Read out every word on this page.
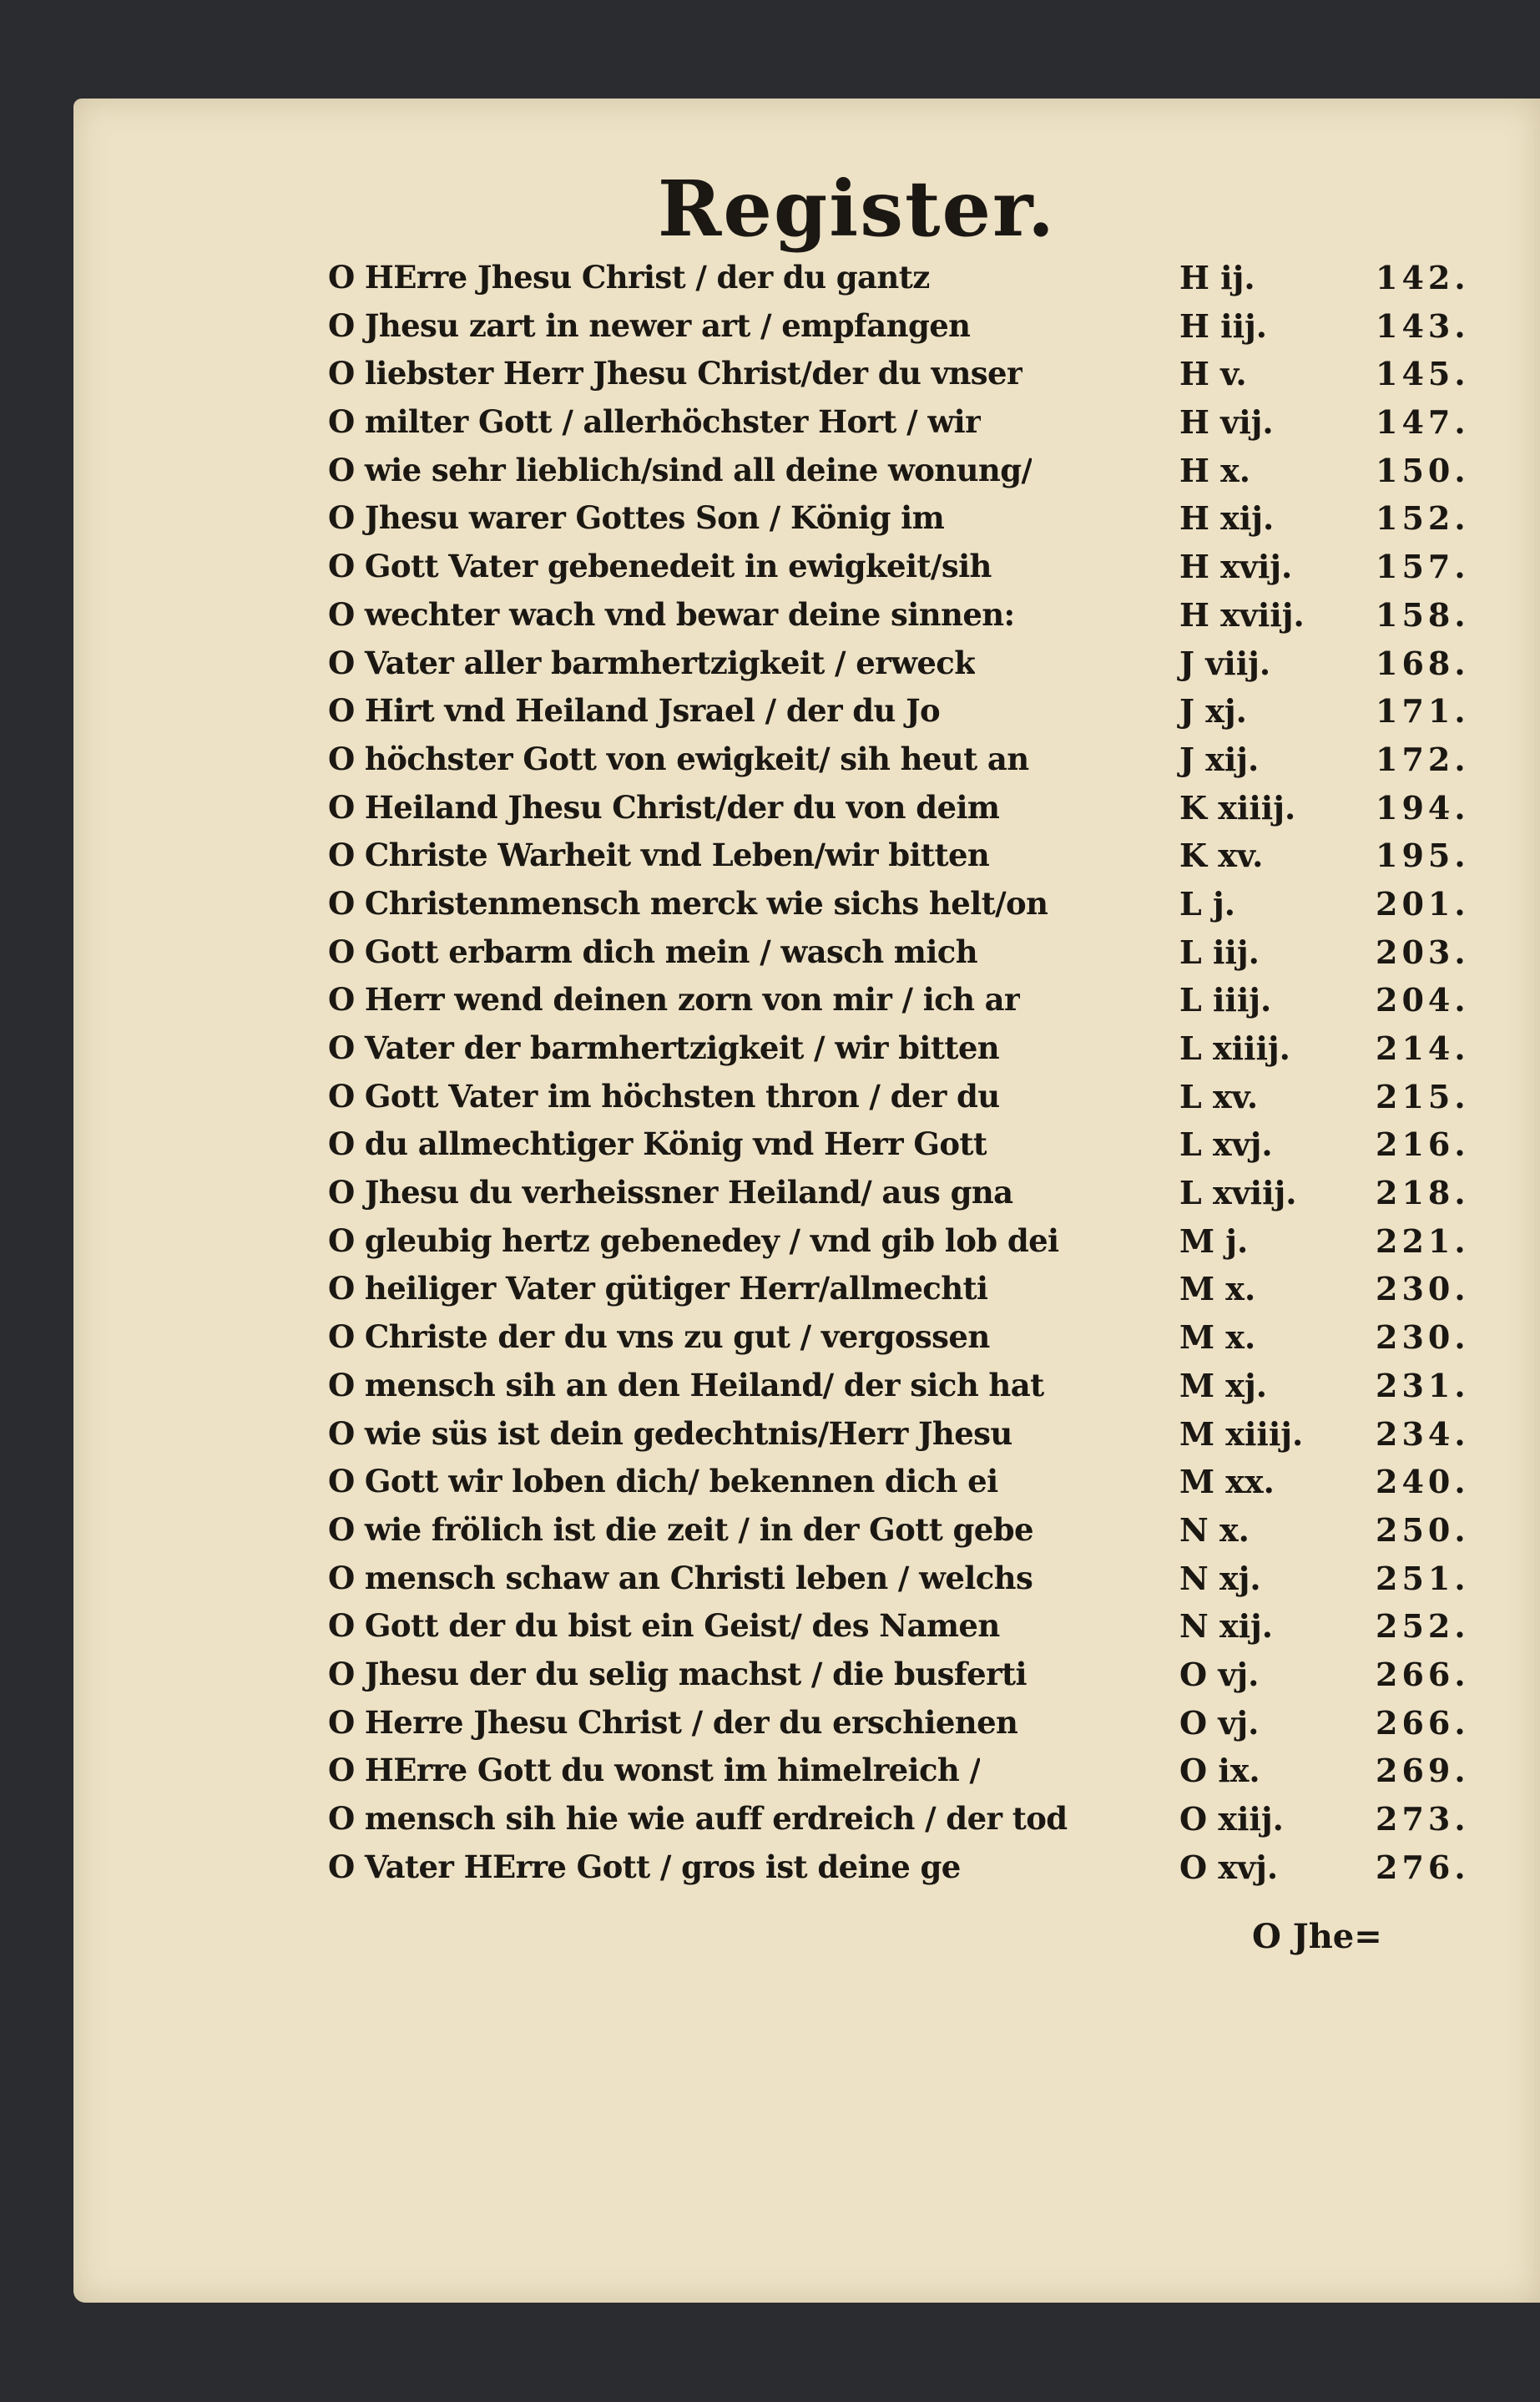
Register.
O HErre Jhesu Christ / der du gantz	H ij.	142.
O Jhesu zart in newer art / empfangen	H iij.	143.
O liebster Herr Jhesu Christ/der du vnser	H v.	145.
O milter Gott / allerhöchster Hort / wir	H vij.	147.
O wie sehr lieblich/sind all deine wonung/	H x.	150.
O Jhesu warer Gottes Son / König im	H xij.	152.
O Gott Vater gebenedeit in ewigkeit/sih	H xvij.	157.
O wechter wach vnd bewar deine sinnen:	H xviij. 158.
O Vater aller barmhertzigkeit / erweck	J viij.	168.
O Hirt vnd Heiland Jsrael / der du Jo	J xj.	171.
O höchster Gott von ewigkeit/ sih heut an	J xij.	172.
O Heiland Jhesu Christ/der du von deim	K xiiij.	194.
O Christe Warheit vnd Leben/wir bitten	K xv.	195.
O Christenmensch merck wie sichs helt/on	L j.	201.
O Gott erbarm dich mein / wasch mich	L iij.	203.
O Herr wend deinen zorn von mir / ich ar	L iiij.	204.
O Vater der barmhertzigkeit / wir bitten	L xiiij.	214.
O Gott Vater im höchsten thron / der du	L xv.	215.
O du allmechtiger König vnd Herr Gott	L xvj.	216.
O Jhesu du verheissner Heiland/ aus gna	L xviij. 218.
O gleubig hertz gebenedey / vnd gib lob dei	M j.	221.
O heiliger Vater gütiger Herr/allmechti	M x.	230.
O Christe der du vns zu gut / vergossen	M x.	230.
O mensch sih an den Heiland/ der sich hat	M xj.	231.
O wie süs ist dein gedechtnis/Herr Jhesu	M xiiij. 234.
O Gott wir loben dich/ bekennen dich ei	M xx.	240.
O wie frölich ist die zeit / in der Gott gebe	N x.	250.
O mensch schaw an Christi leben / welchs	N xj.	251.
O Gott der du bist ein Geist/ des Namen	N xij.	252.
O Jhesu der du selig machst / die busferti	O vj.	266.
O Herre Jhesu Christ / der du erschienen	O vj.	266.
O HErre Gott du wonst im himelreich /	O ix.	269.
O mensch sih hie wie auff erdreich / der tod	O xiij.	273.
O Vater HErre Gott / gros ist deine ge	O xvj.	276.
O Jhe=
